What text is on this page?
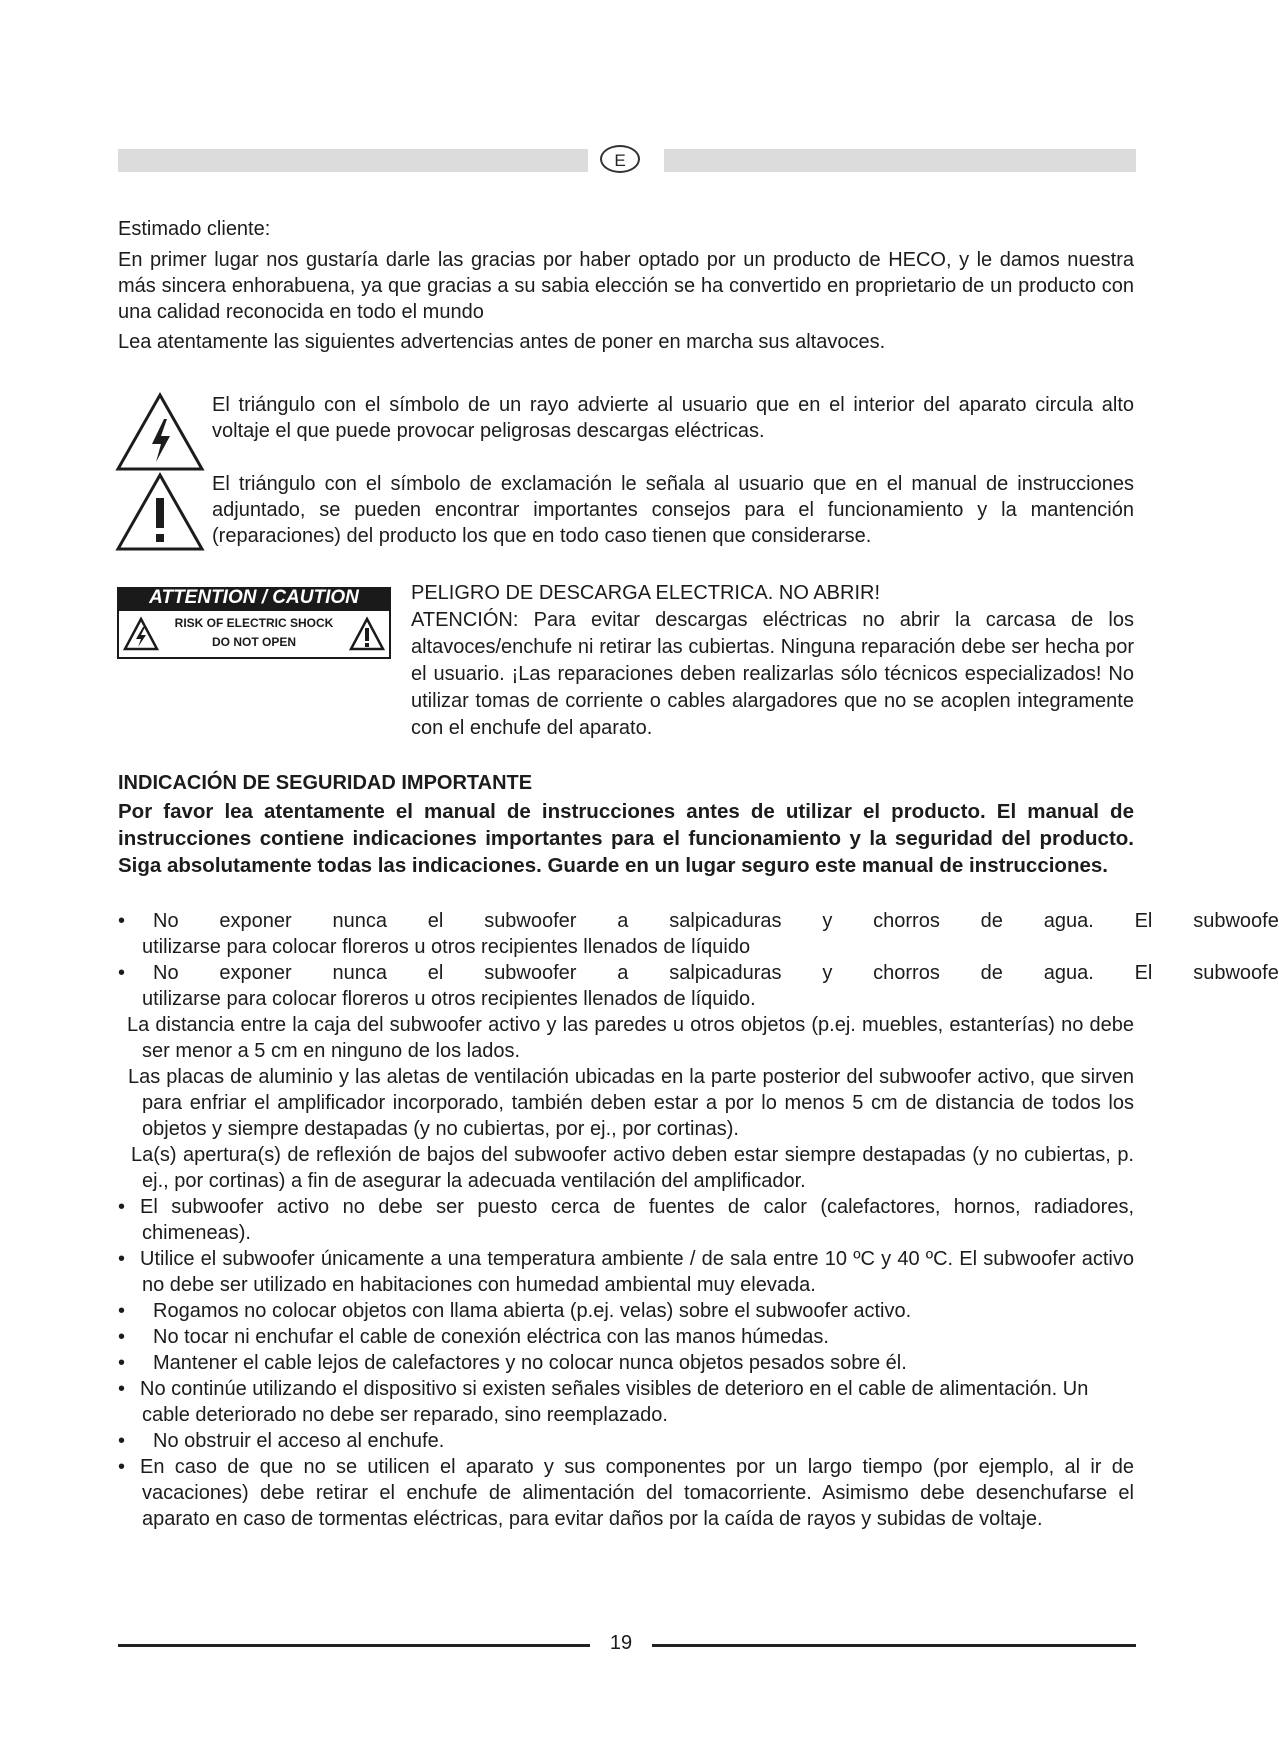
E
Estimado cliente:
En primer lugar nos gustaría darle las gracias por haber optado por un producto de HECO, y le damos nuestra más sincera enhorabuena, ya que gracias a su sabia elección se ha convertido en proprietario de un producto con una calidad reconocida en todo el mundo
Lea atentamente las siguientes advertencias antes de poner en marcha sus altavoces.
El triángulo con el símbolo de un rayo advierte al usuario que en el interior del aparato circula alto voltaje el que puede provocar peligrosas descargas eléctricas.
El triángulo con el símbolo de exclamación le señala al usuario que en el manual de instrucciones adjuntado, se pueden encontrar importantes consejos para el funcionamiento y la mantención (reparaciones) del producto los que en todo caso tienen que considerarse.
ATTENTION / CAUTION
RISK OF ELECTRIC SHOCK
DO NOT OPEN
PELIGRO DE DESCARGA ELECTRICA. NO ABRIR!
ATENCIÓN: Para evitar descargas eléctricas no abrir la carcasa de los altavoces/enchufe ni retirar las cubiertas. Ninguna reparación debe ser hecha por el usuario. ¡Las reparaciones deben realizarlas sólo técnicos especializados! No utilizar tomas de corriente o cables alargadores que no se acoplen integramente con el enchufe del aparato.
INDICACIÓN DE SEGURIDAD IMPORTANTE
Por favor lea atentamente el manual de instrucciones antes de utilizar el producto. El manual de instrucciones contiene indicaciones importantes para el funcionamiento y la seguridad del producto. Siga absolutamente todas las indicaciones. Guarde en un lugar seguro este manual de instrucciones.
• No exponer nunca el subwoofer a salpicaduras y chorros de agua. El subwoofe
utilizarse para colocar floreros u otros recipientes llenados de líquido
• No exponer nunca el subwoofer a salpicaduras y chorros de agua. El subwoofe
utilizarse para colocar floreros u otros recipientes llenados de líquido.
La distancia entre la caja del subwoofer activo y las paredes u otros objetos (p.ej. muebles, estanterías) no debe ser menor a 5 cm en ninguno de los lados.
Las placas de aluminio y las aletas de ventilación ubicadas en la parte posterior del subwoofer activo, que sirven para enfriar el amplificador incorporado, también deben estar a por lo menos 5 cm de distancia de todos los objetos y siempre destapadas (y no cubiertas, por ej., por cortinas).
La(s) apertura(s) de reflexión de bajos del subwoofer activo deben estar siempre destapadas (y no cubiertas, p. ej., por cortinas) a fin de asegurar la adecuada ventilación del amplificador.
• El subwoofer activo no debe ser puesto cerca de fuentes de calor (calefactores, hornos, radiadores, chimeneas).
• Utilice el subwoofer únicamente a una temperatura ambiente / de sala entre 10 ºC y 40 ºC. El subwoofer activo no debe ser utilizado en habitaciones con humedad ambiental muy elevada.
• Rogamos no colocar objetos con llama abierta (p.ej. velas) sobre el subwoofer activo.
• No tocar ni enchufar el cable de conexión eléctrica con las manos húmedas.
• Mantener el cable lejos de calefactores y no colocar nunca objetos pesados sobre él.
• No continúe utilizando el dispositivo si existen señales visibles de deterioro en el cable de alimentación. Un cable deteriorado no debe ser reparado, sino reemplazado.
• No obstruir el acceso al enchufe.
• En caso de que no se utilicen el aparato y sus componentes por un largo tiempo (por ejemplo, al ir de vacaciones) debe retirar el enchufe de alimentación del tomacorriente. Asimismo debe desenchufarse el aparato en caso de tormentas eléctricas, para evitar daños por la caída de rayos y subidas de voltaje.
19
